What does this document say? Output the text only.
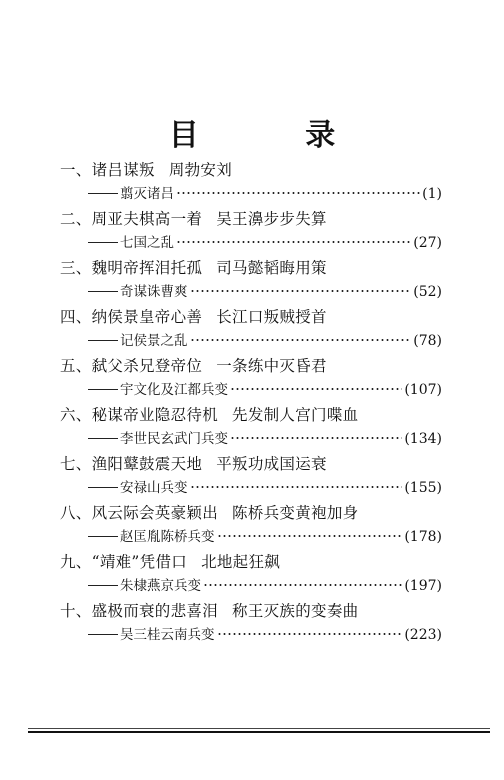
目 录
一、诸吕谋叛 周勃安刘
翦灭诸吕	(1)
二、周亚夫棋高一着 吴王濞步步失算
七国之乱	(27)
三、魏明帝挥泪托孤 司马懿韬晦用策
奇谋诛曹爽	(52)
四、纳侯景皇帝心善 长江口叛贼授首
记侯景之乱	(78)
五、弑父杀兄登帝位 一条练中灭昏君
宇文化及江都兵变	(107)
六、秘谋帝业隐忍待机 先发制人宫门喋血
李世民玄武门兵变	(134)
七、渔阳鼙鼓震天地 平叛功成国运衰
安禄山兵变	(155)
八、风云际会英豪颖出 陈桥兵变黄袍加身
赵匡胤陈桥兵变	(178)
九、“靖难”凭借口 北地起狂飙
朱棣燕京兵变	(197)
十、盛极而衰的悲喜泪 称王灭族的变奏曲
吴三桂云南兵变	(223)
